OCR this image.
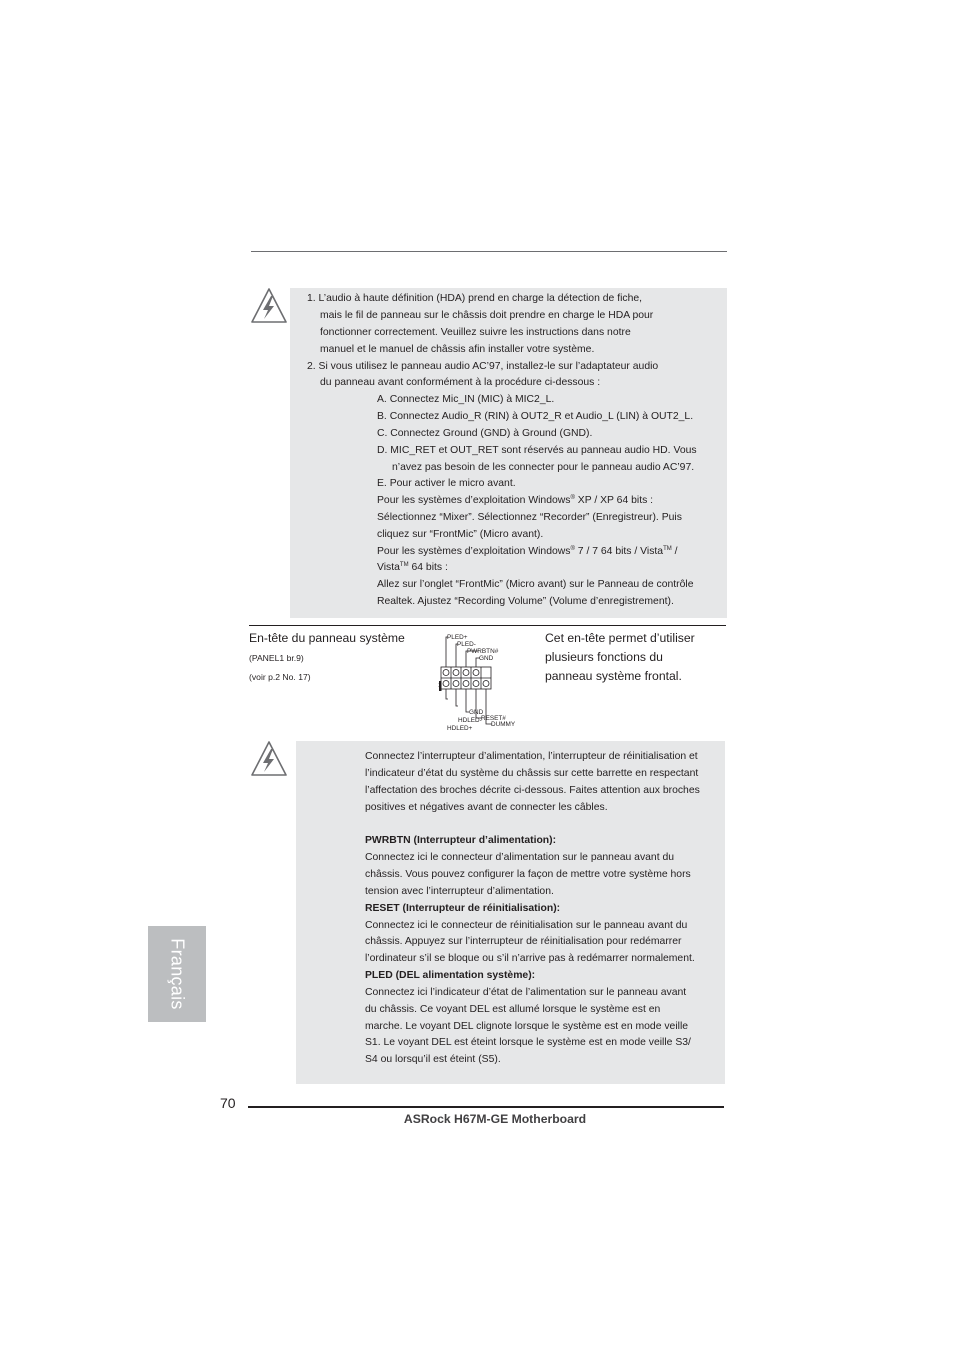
1. L’audio à haute définition (HDA) prend en charge la détection de fiche,
mais le fil de panneau sur le châssis doit prendre en charge le HDA pour
fonctionner correctement. Veuillez suivre les instructions dans notre
manuel et le manuel de châssis afin installer votre système.
2. Si vous utilisez le panneau audio AC’97, installez-le sur l’adaptateur audio
du panneau avant conformément à la procédure ci-dessous :
A. Connectez Mic_IN (MIC) à MIC2_L.
B. Connectez Audio_R (RIN) à OUT2_R et Audio_L (LIN) à OUT2_L.
C. Connectez Ground (GND) à Ground (GND).
D. MIC_RET et OUT_RET sont réservés au panneau audio HD. Vous
n’avez pas besoin de les connecter pour le panneau audio AC’97.
E. Pour activer le micro avant.
Pour les systèmes d’exploitation Windows® XP / XP 64 bits :
Sélectionnez “Mixer”. Sélectionnez “Recorder” (Enregistreur). Puis
cliquez sur “FrontMic” (Micro avant).
Pour les systèmes d’exploitation Windows® 7 / 7 64 bits / Vista™ /
Vista™ 64 bits :
Allez sur l’onglet “FrontMic” (Micro avant) sur le Panneau de contrôle
Realtek. Ajustez “Recording Volume” (Volume d’enregistrement).
En-tête du panneau système
(PANEL1 br.9)
(voir p.2 No. 17)
1
PLED+
PLED-
PWRBTN#
GND
DUMMY
RESET#
GND
HDLED-
HDLED+
Cet en-tête permet d’utiliser
plusieurs fonctions du
panneau système frontal.
Connectez l’interrupteur d’alimentation, l’interrupteur de réinitialisation et
l’indicateur d’état du système du châssis sur cette barrette en respectant
l’affectation des broches décrite ci-dessous. Faites attention aux broches
positives et négatives avant de connecter les câbles.
PWRBTN (Interrupteur d’alimentation):
Connectez ici le connecteur d’alimentation sur le panneau avant du
châssis. Vous pouvez configurer la façon de mettre votre système hors
tension avec l’interrupteur d’alimentation.
RESET (Interrupteur de réinitialisation):
Connectez ici le connecteur de réinitialisation sur le panneau avant du
châssis. Appuyez sur l’interrupteur de réinitialisation pour redémarrer
l’ordinateur s’il se bloque ou s’il n’arrive pas à redémarrer normalement.
PLED (DEL alimentation système):
Connectez ici l’indicateur d’état de l’alimentation sur le panneau avant
du châssis. Ce voyant DEL est allumé lorsque le système est en
marche. Le voyant DEL clignote lorsque le système est en mode veille
S1. Le voyant DEL est éteint lorsque le système est en mode veille S3/
S4 ou lorsqu’il est éteint (S5).
Français
70
ASRock H67M-GE Motherboard
